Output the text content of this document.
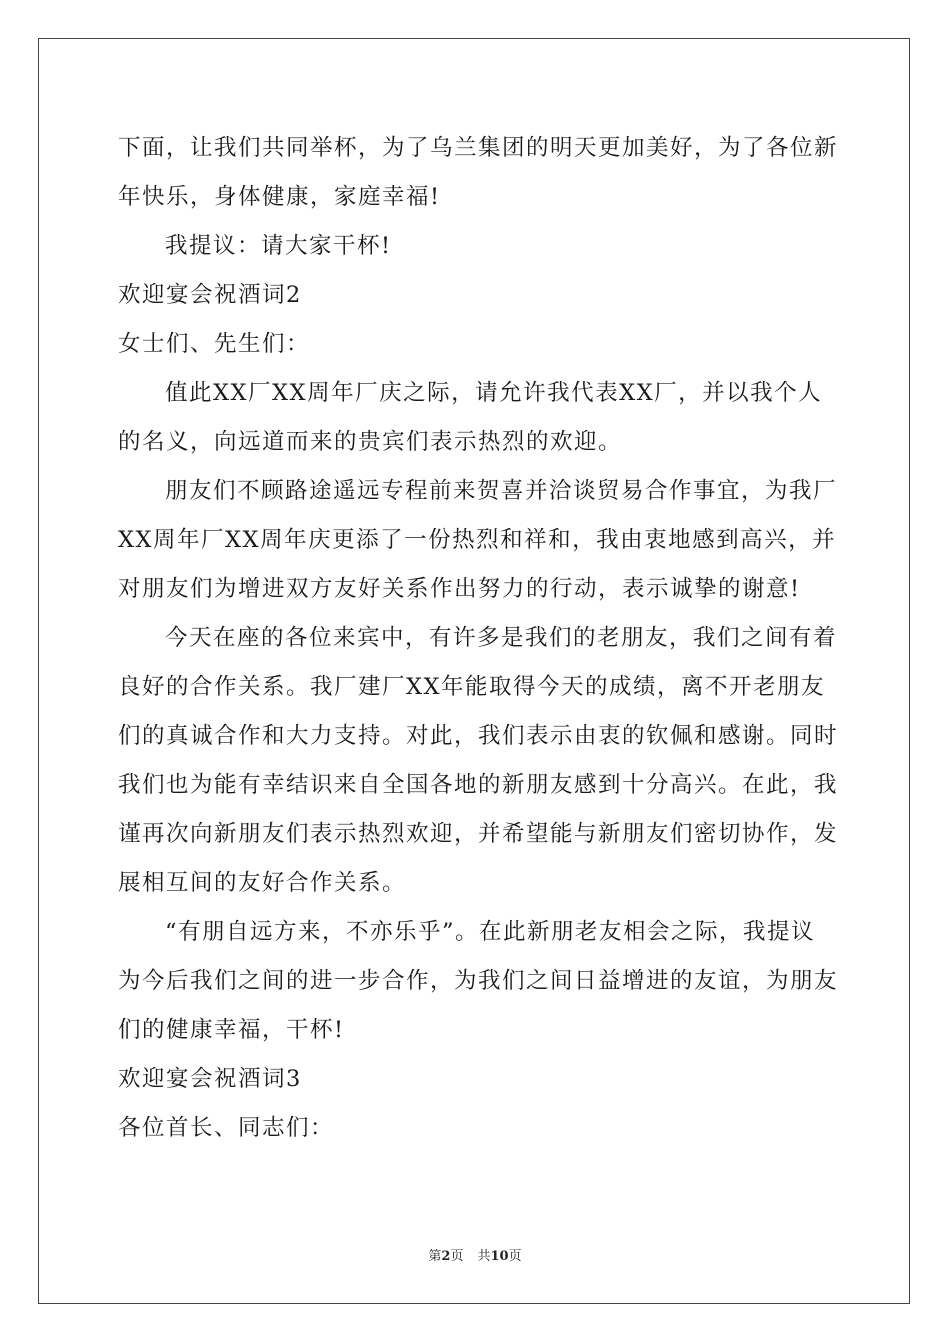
下面，让我们共同举杯，为了乌兰集团的明天更加美好，为了各位新年快乐，身体健康，家庭幸福!

我提议：请大家干杯!

欢迎宴会祝酒词2

女士们、先生们：

值此XX厂XX周年厂庆之际，请允许我代表XX厂，并以我个人的名义，向远道而来的贵宾们表示热烈的欢迎。

朋友们不顾路途遥远专程前来贺喜并洽谈贸易合作事宜，为我厂XX周年厂XX周年庆更添了一份热烈和祥和，我由衷地感到高兴，并对朋友们为增进双方友好关系作出努力的行动，表示诚挚的谢意!

今天在座的各位来宾中，有许多是我们的老朋友，我们之间有着良好的合作关系。我厂建厂XX年能取得今天的成绩，离不开老朋友们的真诚合作和大力支持。对此，我们表示由衷的钦佩和感谢。同时我们也为能有幸结识来自全国各地的新朋友感到十分高兴。在此，我谨再次向新朋友们表示热烈欢迎，并希望能与新朋友们密切协作，发展相互间的友好合作关系。

“有朋自远方来，不亦乐乎”。在此新朋老友相会之际，我提议为今后我们之间的进一步合作，为我们之间日益增进的友谊，为朋友们的健康幸福，干杯!

欢迎宴会祝酒词3

各位首长、同志们：

第2页 共10页
